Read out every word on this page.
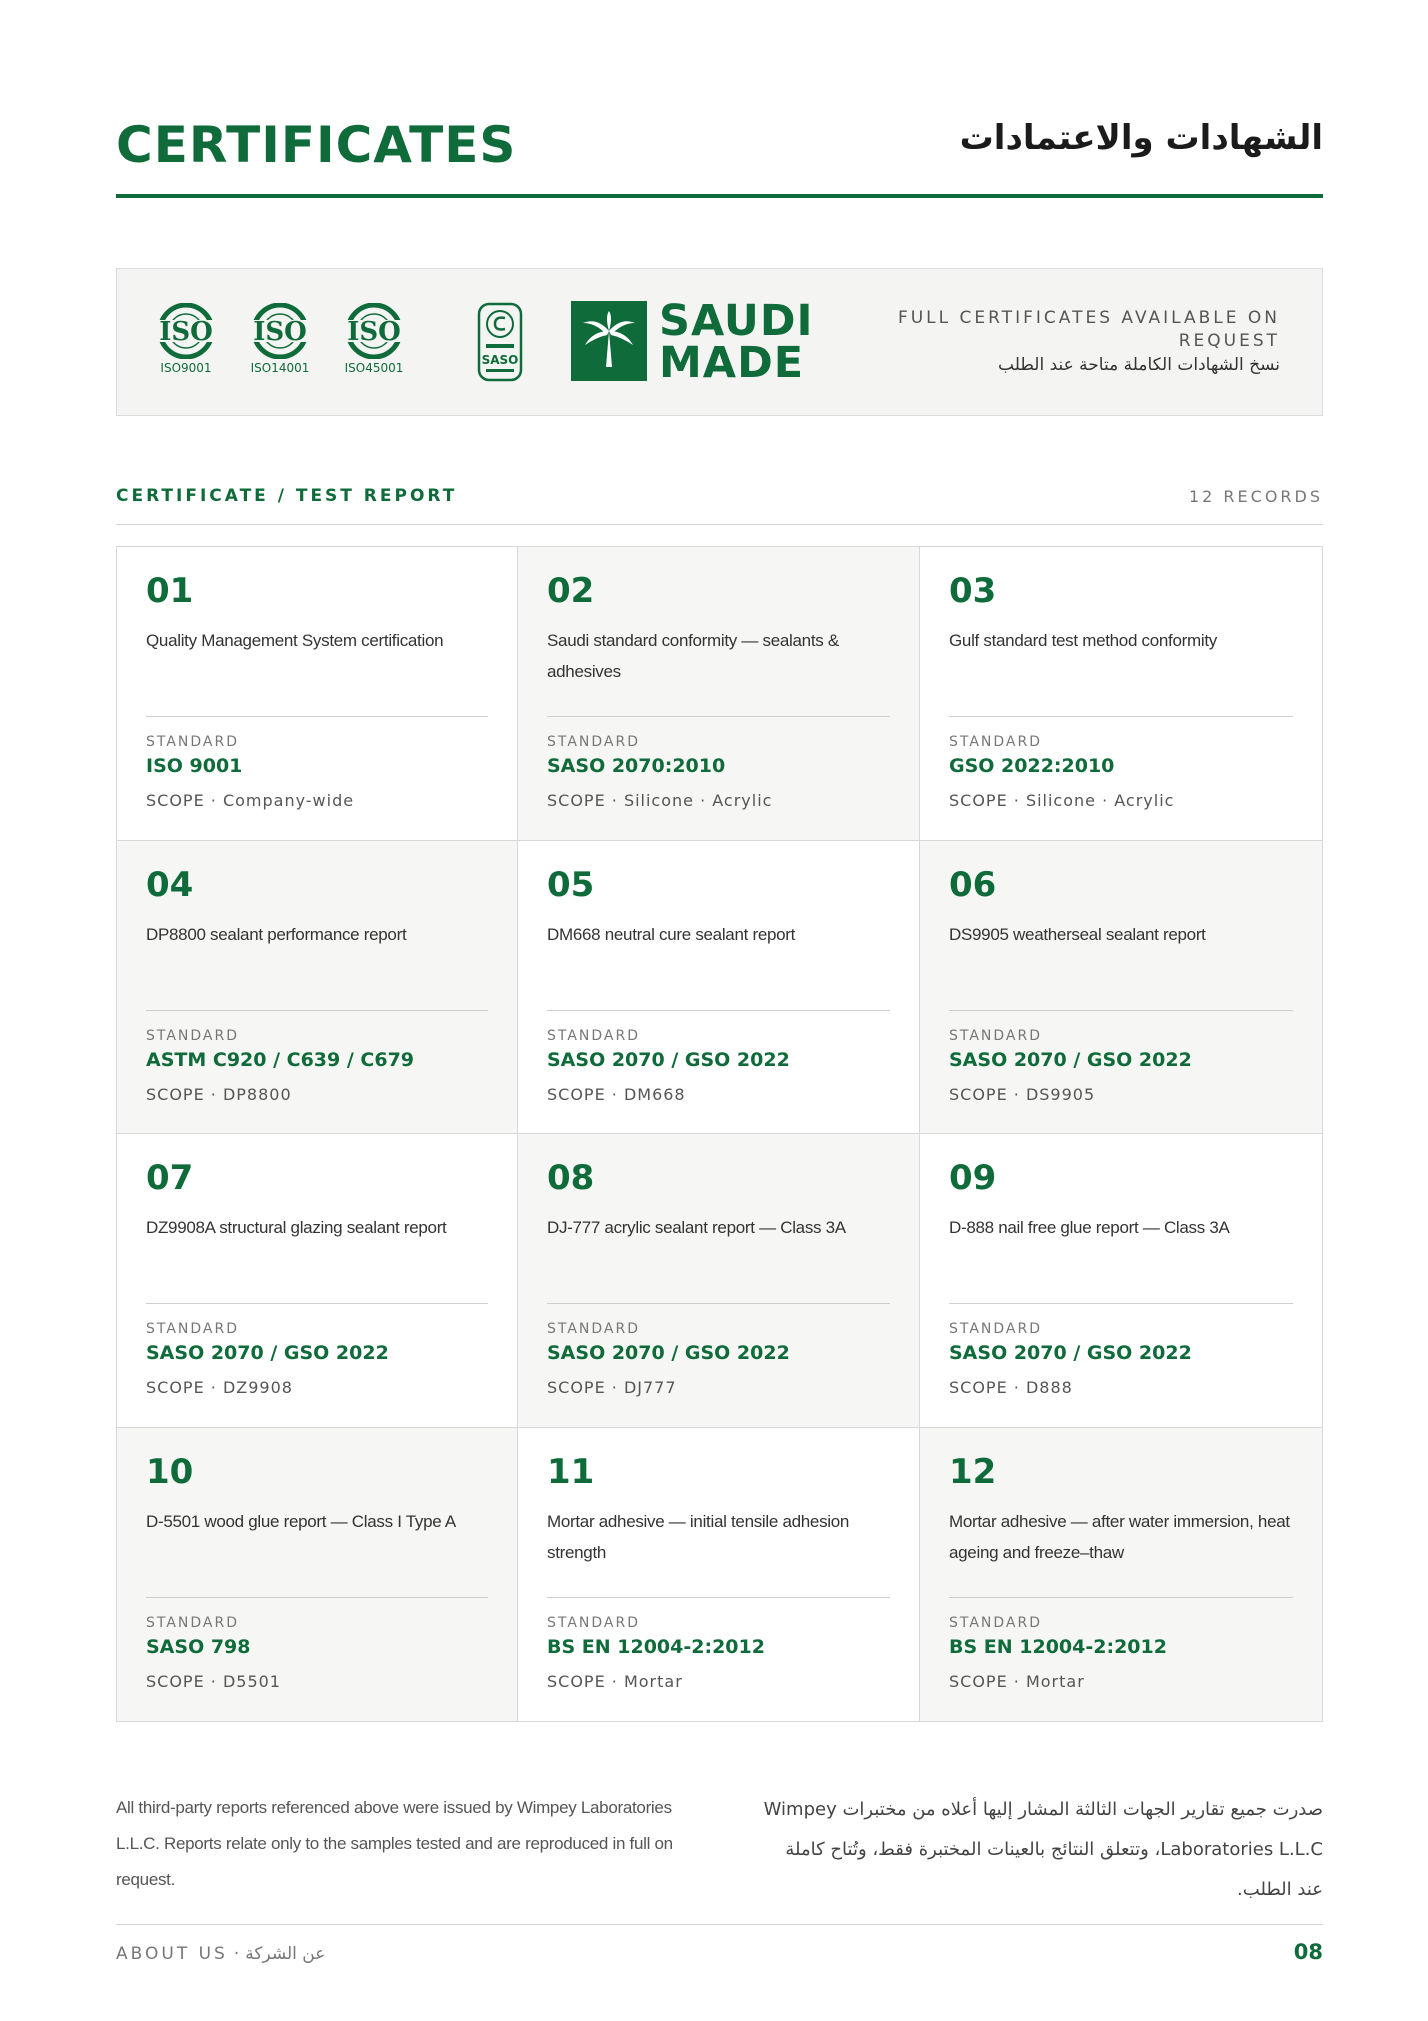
CERTIFICATES	الشهادات والاعتمادات
ISO
ISO9001
ISO
ISO14001
ISO
ISO45001
SASO
SAUDI
MADE
FULL CERTIFICATES AVAILABLE ON REQUEST
نسخ الشهادات الكاملة متاحة عند الطلب
CERTIFICATE / TEST REPORT	12 RECORDS
01
Quality Management System certification
STANDARD
ISO 9001
SCOPE · Company-wide
02
Saudi standard conformity — sealants & adhesives
STANDARD
SASO 2070:2010
SCOPE · Silicone · Acrylic
03
Gulf standard test method conformity
STANDARD
GSO 2022:2010
SCOPE · Silicone · Acrylic
04
DP8800 sealant performance report
STANDARD
ASTM C920 / C639 / C679
SCOPE · DP8800
05
DM668 neutral cure sealant report
STANDARD
SASO 2070 / GSO 2022
SCOPE · DM668
06
DS9905 weatherseal sealant report
STANDARD
SASO 2070 / GSO 2022
SCOPE · DS9905
07
DZ9908A structural glazing sealant report
STANDARD
SASO 2070 / GSO 2022
SCOPE · DZ9908
08
DJ-777 acrylic sealant report — Class 3A
STANDARD
SASO 2070 / GSO 2022
SCOPE · DJ777
09
D-888 nail free glue report — Class 3A
STANDARD
SASO 2070 / GSO 2022
SCOPE · D888
10
D-5501 wood glue report — Class I Type A
STANDARD
SASO 798
SCOPE · D5501
11
Mortar adhesive — initial tensile adhesion strength
STANDARD
BS EN 12004-2:2012
SCOPE · Mortar
12
Mortar adhesive — after water immersion, heat ageing and freeze–thaw
STANDARD
BS EN 12004-2:2012
SCOPE · Mortar
All third-party reports referenced above were issued by Wimpey Laboratories L.L.C. Reports relate only to the samples tested and are reproduced in full on request.
صدرت جميع تقارير الجهات الثالثة المشار إليها أعلاه من مختبرات Wimpey Laboratories L.L.C، وتتعلق النتائج بالعينات المختبرة فقط، وتُتاح كاملة عند الطلب.
ABOUT US · عن الشركة	08
